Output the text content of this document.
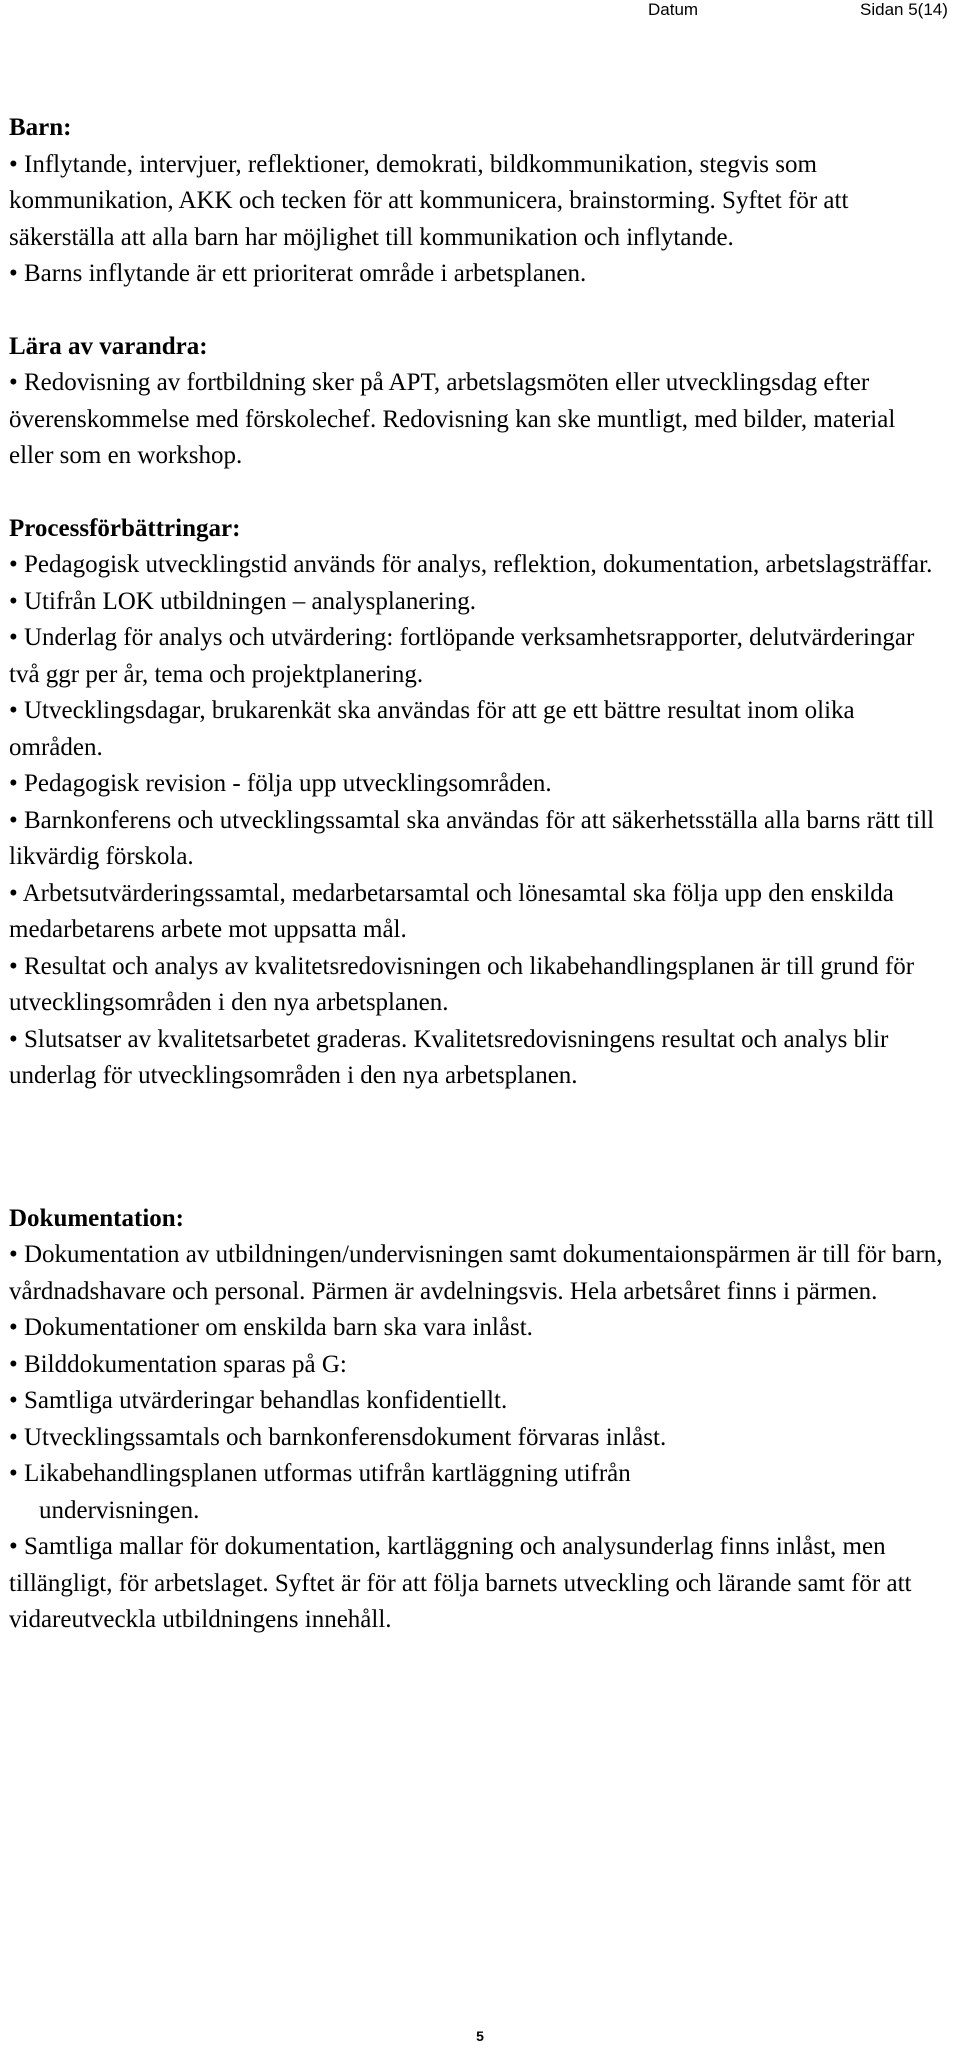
Datum	Sidan 5(14)

Barn:

• Inflytande, intervjuer, reflektioner, demokrati, bildkommunikation, stegvis som kommunikation, AKK och tecken för att kommunicera, brainstorming. Syftet för att säkerställa att alla barn har möjlighet till kommunikation och inflytande.

• Barns inflytande är ett prioriterat område i arbetsplanen.

Lära av varandra:

• Redovisning av fortbildning sker på APT, arbetslagsmöten eller utvecklingsdag efter överenskommelse med förskolechef. Redovisning kan ske muntligt, med bilder, material eller som en workshop.

Processförbättringar:

• Pedagogisk utvecklingstid används för analys, reflektion, dokumentation, arbetslagsträffar.

• Utifrån LOK utbildningen – analysplanering.

• Underlag för analys och utvärdering: fortlöpande verksamhetsrapporter, delutvärderingar två ggr per år, tema och projektplanering.

• Utvecklingsdagar, brukarenkät ska användas för att ge ett bättre resultat inom olika områden.

• Pedagogisk revision - följa upp utvecklingsområden.

• Barnkonferens och utvecklingssamtal ska användas för att säkerhetsställa alla barns rätt till likvärdig förskola.

• Arbetsutvärderingssamtal, medarbetarsamtal och lönesamtal ska följa upp den enskilda medarbetarens arbete mot uppsatta mål.

• Resultat och analys av kvalitetsredovisningen och likabehandlingsplanen är till grund för utvecklingsområden i den nya arbetsplanen.

• Slutsatser av kvalitetsarbetet graderas. Kvalitetsredovisningens resultat och analys blir underlag för utvecklingsområden i den nya arbetsplanen.

Dokumentation:

• Dokumentation av utbildningen/undervisningen samt dokumentaionspärmen är till för barn, vårdnadshavare och personal. Pärmen är avdelningsvis. Hela arbetsåret finns i pärmen.

• Dokumentationer om enskilda barn ska vara inlåst.

• Bilddokumentation sparas på G:

• Samtliga utvärderingar behandlas konfidentiellt.

• Utvecklingssamtals och barnkonferensdokument förvaras inlåst.

• Likabehandlingsplanen utformas utifrån kartläggning utifrån

undervisningen.

• Samtliga mallar för dokumentation, kartläggning och analysunderlag finns inlåst, men tillängligt, för arbetslaget. Syftet är för att följa barnets utveckling och lärande samt för att vidareutveckla utbildningens innehåll.

5
